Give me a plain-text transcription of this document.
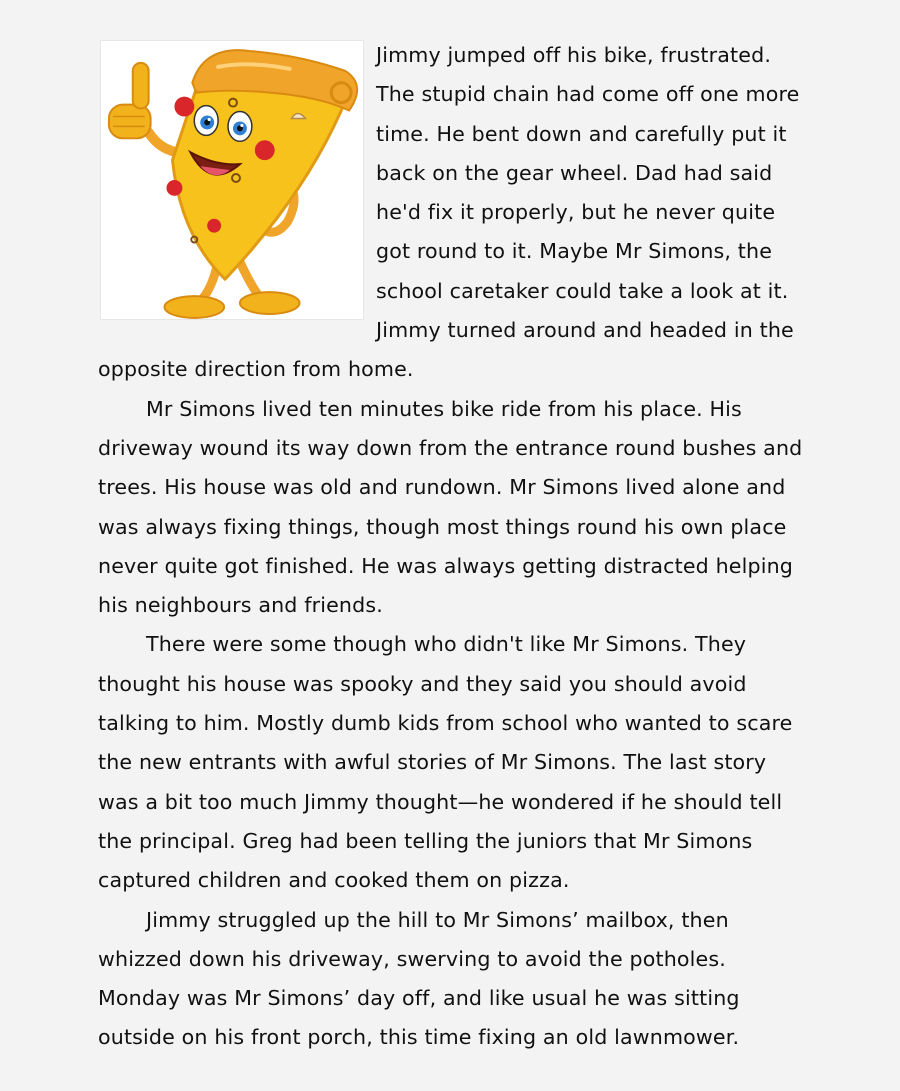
Jimmy jumped off his bike, frustrated. The stupid chain had come off one more time. He bent down and carefully put it back on the gear wheel. Dad had said he'd fix it properly, but he never quite got round to it. Maybe Mr Simons, the school caretaker could take a look at it. Jimmy turned around and headed in the opposite direction from home.

Mr Simons lived ten minutes bike ride from his place. His driveway wound its way down from the entrance round bushes and trees. His house was old and rundown. Mr Simons lived alone and was always fixing things, though most things round his own place never quite got finished. He was always getting distracted helping his neighbours and friends.

There were some though who didn't like Mr Simons. They thought his house was spooky and they said you should avoid talking to him. Mostly dumb kids from school who wanted to scare the new entrants with awful stories of Mr Simons. The last story was a bit too much Jimmy thought—he wondered if he should tell the principal. Greg had been telling the juniors that Mr Simons captured children and cooked them on pizza.

Jimmy struggled up the hill to Mr Simons’ mailbox, then whizzed down his driveway, swerving to avoid the potholes. Monday was Mr Simons’ day off, and like usual he was sitting outside on his front porch, this time fixing an old lawnmower.
